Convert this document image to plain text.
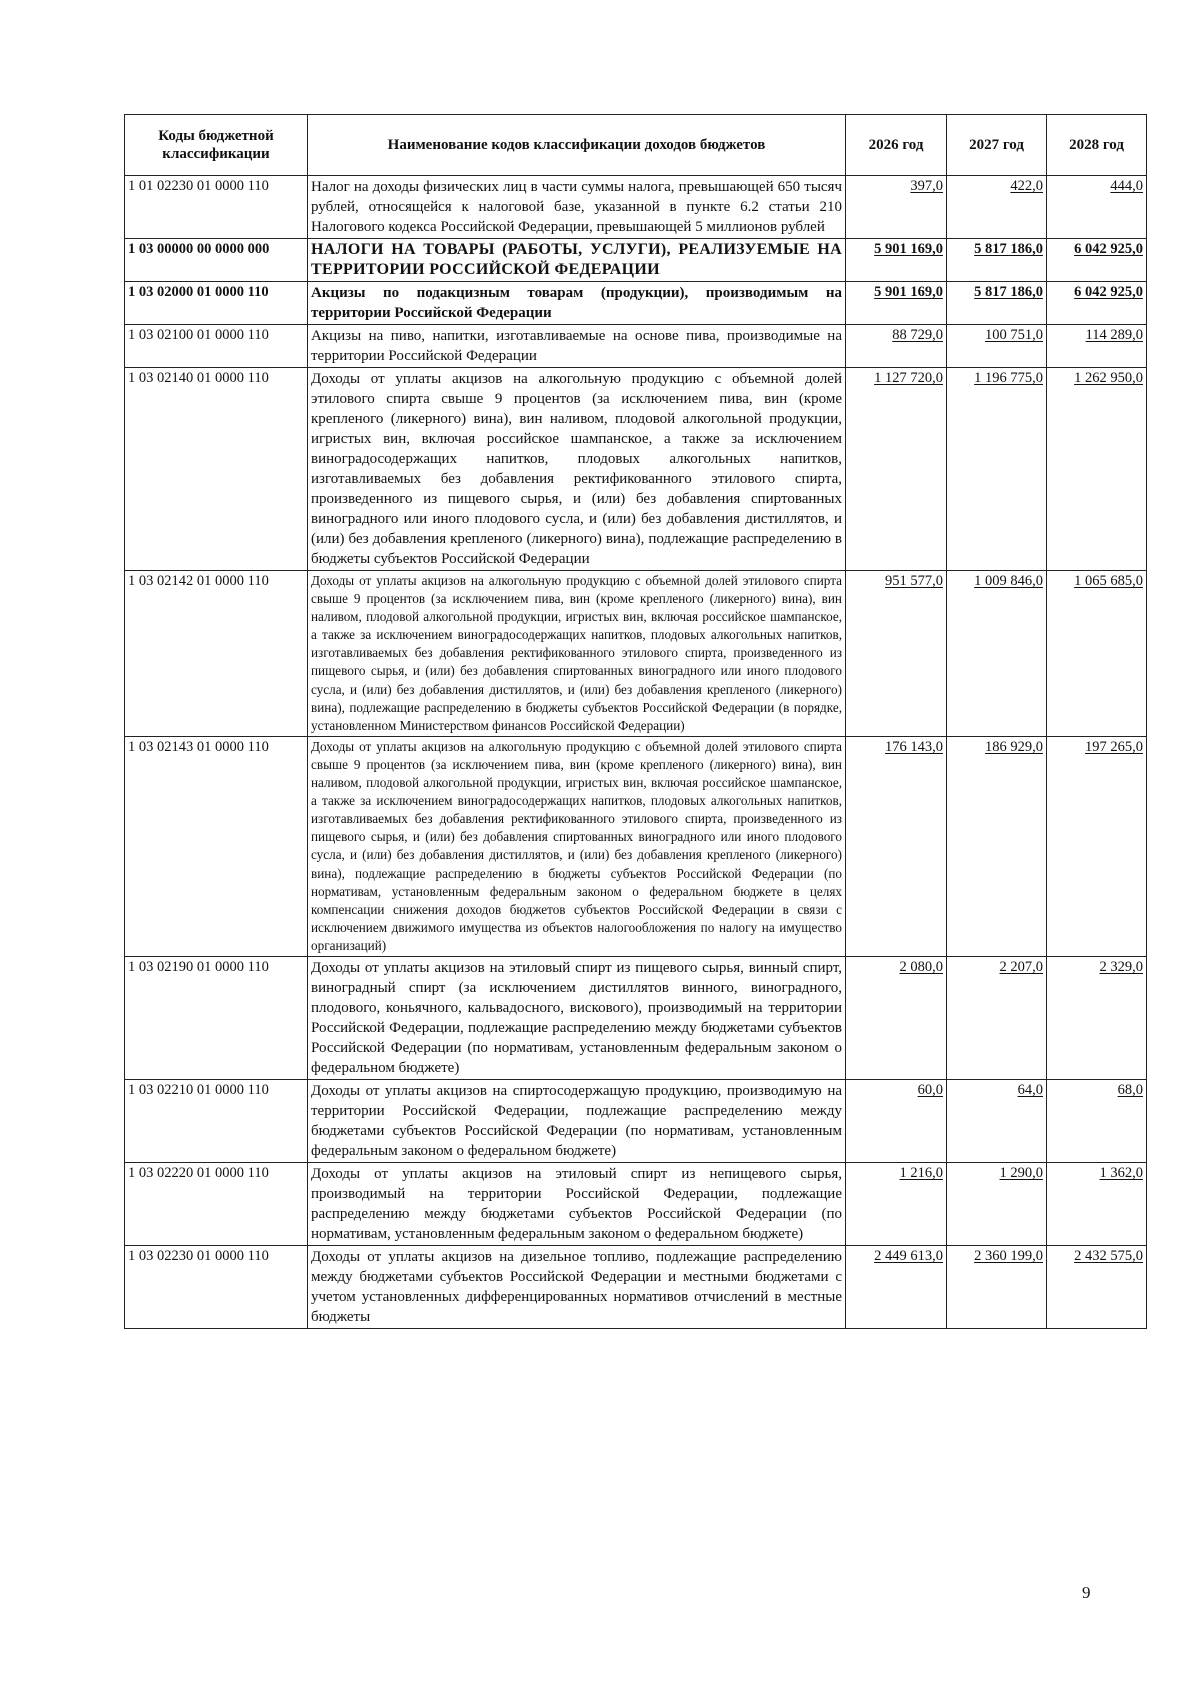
Коды бюджетной классификации	Наименование кодов классификации доходов бюджетов	2026 год	2027 год	2028 год
1 01 02230 01 0000 110	Налог на доходы физических лиц в части суммы налога, превышающей 650 тысяч рублей, относящейся к налоговой базе, указанной в пункте 6.2 статьи 210 Налогового кодекса Российской Федерации, превышающей 5 миллионов рублей	397,0	422,0	444,0
1 03 00000 00 0000 000	НАЛОГИ НА ТОВАРЫ (РАБОТЫ, УСЛУГИ), РЕАЛИЗУЕМЫЕ НА ТЕРРИТОРИИ РОССИЙСКОЙ ФЕДЕРАЦИИ	5 901 169,0	5 817 186,0	6 042 925,0
1 03 02000 01 0000 110	Акцизы по подакцизным товарам (продукции), производимым на территории Российской Федерации	5 901 169,0	5 817 186,0	6 042 925,0
1 03 02100 01 0000 110	Акцизы на пиво, напитки, изготавливаемые на основе пива, производимые на территории Российской Федерации	88 729,0	100 751,0	114 289,0
1 03 02140 01 0000 110	Доходы от уплаты акцизов на алкогольную продукцию с объемной долей этилового спирта свыше 9 процентов (за исключением пива, вин (кроме крепленого (ликерного) вина), вин наливом, плодовой алкогольной продукции, игристых вин, включая российское шампанское, а также за исключением виноградосодержащих напитков, плодовых алкогольных напитков, изготавливаемых без добавления ректификованного этилового спирта, произведенного из пищевого сырья, и (или) без добавления спиртованных виноградного или иного плодового сусла, и (или) без добавления дистиллятов, и (или) без добавления крепленого (ликерного) вина), подлежащие распределению в бюджеты субъектов Российской Федерации	1 127 720,0	1 196 775,0	1 262 950,0
1 03 02142 01 0000 110	Доходы от уплаты акцизов на алкогольную продукцию с объемной долей этилового спирта свыше 9 процентов (за исключением пива, вин (кроме крепленого (ликерного) вина), вин наливом, плодовой алкогольной продукции, игристых вин, включая российское шампанское, а также за исключением виноградосодержащих напитков, плодовых алкогольных напитков, изготавливаемых без добавления ректификованного этилового спирта, произведенного из пищевого сырья, и (или) без добавления спиртованных виноградного или иного плодового сусла, и (или) без добавления дистиллятов, и (или) без добавления крепленого (ликерного) вина), подлежащие распределению в бюджеты субъектов Российской Федерации (в порядке, установленном Министерством финансов Российской Федерации)	951 577,0	1 009 846,0	1 065 685,0
1 03 02143 01 0000 110	Доходы от уплаты акцизов на алкогольную продукцию с объемной долей этилового спирта свыше 9 процентов (за исключением пива, вин (кроме крепленого (ликерного) вина), вин наливом, плодовой алкогольной продукции, игристых вин, включая российское шампанское, а также за исключением виноградосодержащих напитков, плодовых алкогольных напитков, изготавливаемых без добавления ректификованного этилового спирта, произведенного из пищевого сырья, и (или) без добавления спиртованных виноградного или иного плодового сусла, и (или) без добавления дистиллятов, и (или) без добавления крепленого (ликерного) вина), подлежащие распределению в бюджеты субъектов Российской Федерации (по нормативам, установленным федеральным законом о федеральном бюджете в целях компенсации снижения доходов бюджетов субъектов Российской Федерации в связи с исключением движимого имущества из объектов налогообложения по налогу на имущество организаций)	176 143,0	186 929,0	197 265,0
1 03 02190 01 0000 110	Доходы от уплаты акцизов на этиловый спирт из пищевого сырья, винный спирт, виноградный спирт (за исключением дистиллятов винного, виноградного, плодового, коньячного, кальвадосного, вискового), производимый на территории Российской Федерации, подлежащие распределению между бюджетами субъектов Российской Федерации (по нормативам, установленным федеральным законом о федеральном бюджете)	2 080,0	2 207,0	2 329,0
1 03 02210 01 0000 110	Доходы от уплаты акцизов на спиртосодержащую продукцию, производимую на территории Российской Федерации, подлежащие распределению между бюджетами субъектов Российской Федерации (по нормативам, установленным федеральным законом о федеральном бюджете)	60,0	64,0	68,0
1 03 02220 01 0000 110	Доходы от уплаты акцизов на этиловый спирт из непищевого сырья, производимый на территории Российской Федерации, подлежащие распределению между бюджетами субъектов Российской Федерации (по нормативам, установленным федеральным законом о федеральном бюджете)	1 216,0	1 290,0	1 362,0
1 03 02230 01 0000 110	Доходы от уплаты акцизов на дизельное топливо, подлежащие распределению между бюджетами субъектов Российской Федерации и местными бюджетами с учетом установленных дифференцированных нормативов отчислений в местные бюджеты	2 449 613,0	2 360 199,0	2 432 575,0
9
